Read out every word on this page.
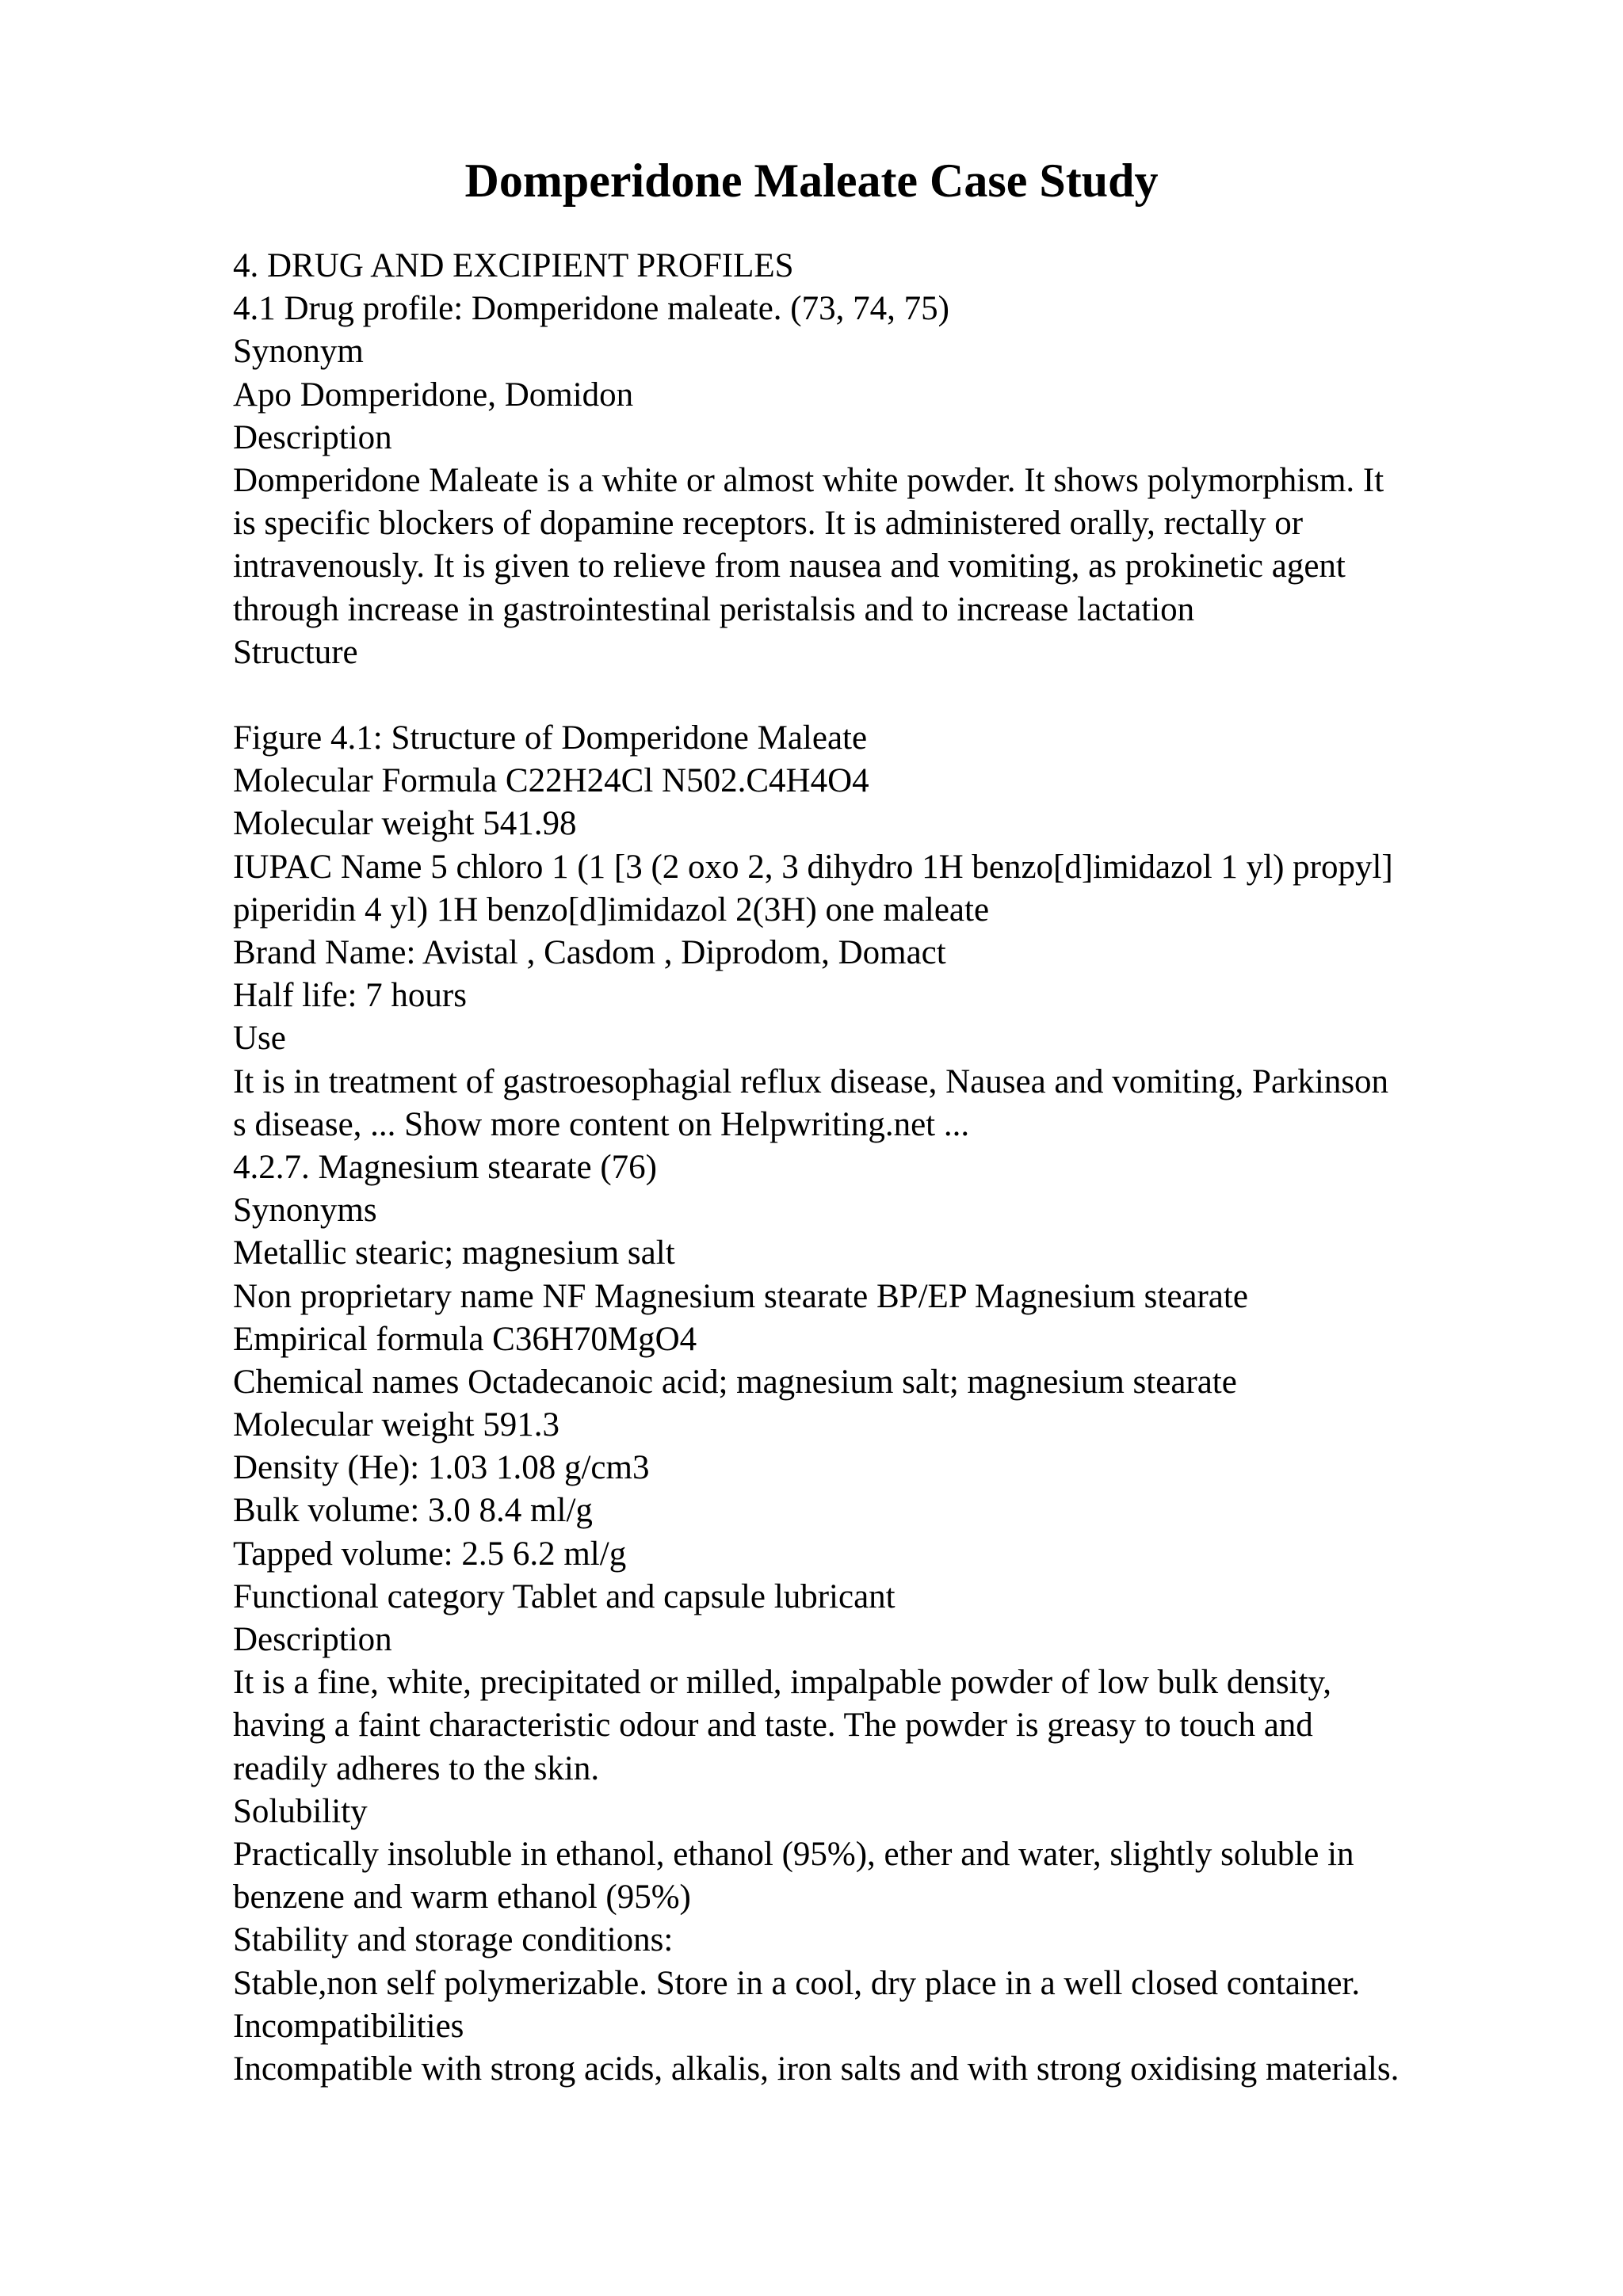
Domperidone Maleate Case Study
4. DRUG AND EXCIPIENT PROFILES
4.1 Drug profile: Domperidone maleate. (73, 74, 75)
Synonym
Apo Domperidone, Domidon
Description
Domperidone Maleate is a white or almost white powder. It shows polymorphism. It
is specific blockers of dopamine receptors. It is administered orally, rectally or
intravenously. It is given to relieve from nausea and vomiting, as prokinetic agent
through increase in gastrointestinal peristalsis and to increase lactation
Structure
Figure 4.1: Structure of Domperidone Maleate
Molecular Formula C22H24Cl N502.C4H4O4
Molecular weight 541.98
IUPAC Name 5 chloro 1 (1 [3 (2 oxo 2, 3 dihydro 1H benzo[d]imidazol 1 yl) propyl]
piperidin 4 yl) 1H benzo[d]imidazol 2(3H) one maleate
Brand Name: Avistal , Casdom , Diprodom, Domact
Half life: 7 hours
Use
It is in treatment of gastroesophagial reflux disease, Nausea and vomiting, Parkinson
s disease, ... Show more content on Helpwriting.net ...
4.2.7. Magnesium stearate (76)
Synonyms
Metallic stearic; magnesium salt
Non proprietary name NF Magnesium stearate BP/EP Magnesium stearate
Empirical formula C36H70MgO4
Chemical names Octadecanoic acid; magnesium salt; magnesium stearate
Molecular weight 591.3
Density (He): 1.03 1.08 g/cm3
Bulk volume: 3.0 8.4 ml/g
Tapped volume: 2.5 6.2 ml/g
Functional category Tablet and capsule lubricant
Description
It is a fine, white, precipitated or milled, impalpable powder of low bulk density,
having a faint characteristic odour and taste. The powder is greasy to touch and
readily adheres to the skin.
Solubility
Practically insoluble in ethanol, ethanol (95%), ether and water, slightly soluble in
benzene and warm ethanol (95%)
Stability and storage conditions:
Stable,non self polymerizable. Store in a cool, dry place in a well closed container.
Incompatibilities
Incompatible with strong acids, alkalis, iron salts and with strong oxidising materials.
